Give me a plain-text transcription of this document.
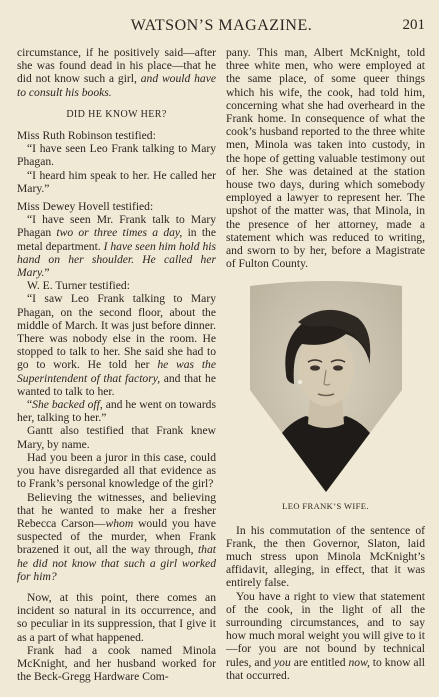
WATSON’S MAGAZINE.	201

circumstance, if he positively said—after she was found dead in his place—that he did not know such a girl, and would have to consult his books.

DID HE KNOW HER?

Miss Ruth Robinson testified:

“I have seen Leo Frank talking to Mary Phagan.

“I heard him speak to her. He called her Mary.”

Miss Dewey Hovell testified:

“I have seen Mr. Frank talk to Mary Phagan two or three times a day, in the metal department. I have seen him hold his hand on her shoulder. He called her Mary.”

W. E. Turner testified:

“I saw Leo Frank talking to Mary Phagan, on the second floor, about the middle of March. It was just before dinner. There was nobody else in the room. He stopped to talk to her. She said she had to go to work. He told her he was the Superintendent of that factory, and that he wanted to talk to her.

“She backed off, and he went on towards her, talking to her.”

Gantt also testified that Frank knew Mary, by name.

Had you been a juror in this case, could you have disregarded all that evidence as to Frank’s personal knowledge of the girl?

Believing the witnesses, and believing that he wanted to make her a fresher Rebecca Carson—whom would you have suspected of the murder, when Frank brazened it out, all the way through, that he did not know that such a girl worked for him?

Now, at this point, there comes an incident so natural in its occurrence, and so peculiar in its suppression, that I give it as a part of what happened.

Frank had a cook named Minola McKnight, and her husband worked for the Beck-Gregg Hardware Com-

pany. This man, Albert McKnight, told three white men, who were employed at the same place, of some queer things which his wife, the cook, had told him, concerning what she had overheard in the Frank home. In consequence of what the cook’s husband reported to the three white men, Minola was taken into custody, in the hope of getting valuable testimony out of her. She was detained at the station house two days, during which somebody employed a lawyer to represent her. The upshot of the matter was, that Minola, in the presence of her attorney, made a statement which was reduced to writing, and sworn to by her, before a Magistrate of Fulton County.

LEO FRANK’S WIFE.

In his commutation of the sentence of Frank, the then Governor, Slaton, laid much stress upon Minola McKnight’s affidavit, alleging, in effect, that it was entirely false.

You have a right to view that statement of the cook, in the light of all the surrounding circumstances, and to say how much moral weight you will give to it—for you are not bound by technical rules, and you are entitled now, to know all that occurred.
